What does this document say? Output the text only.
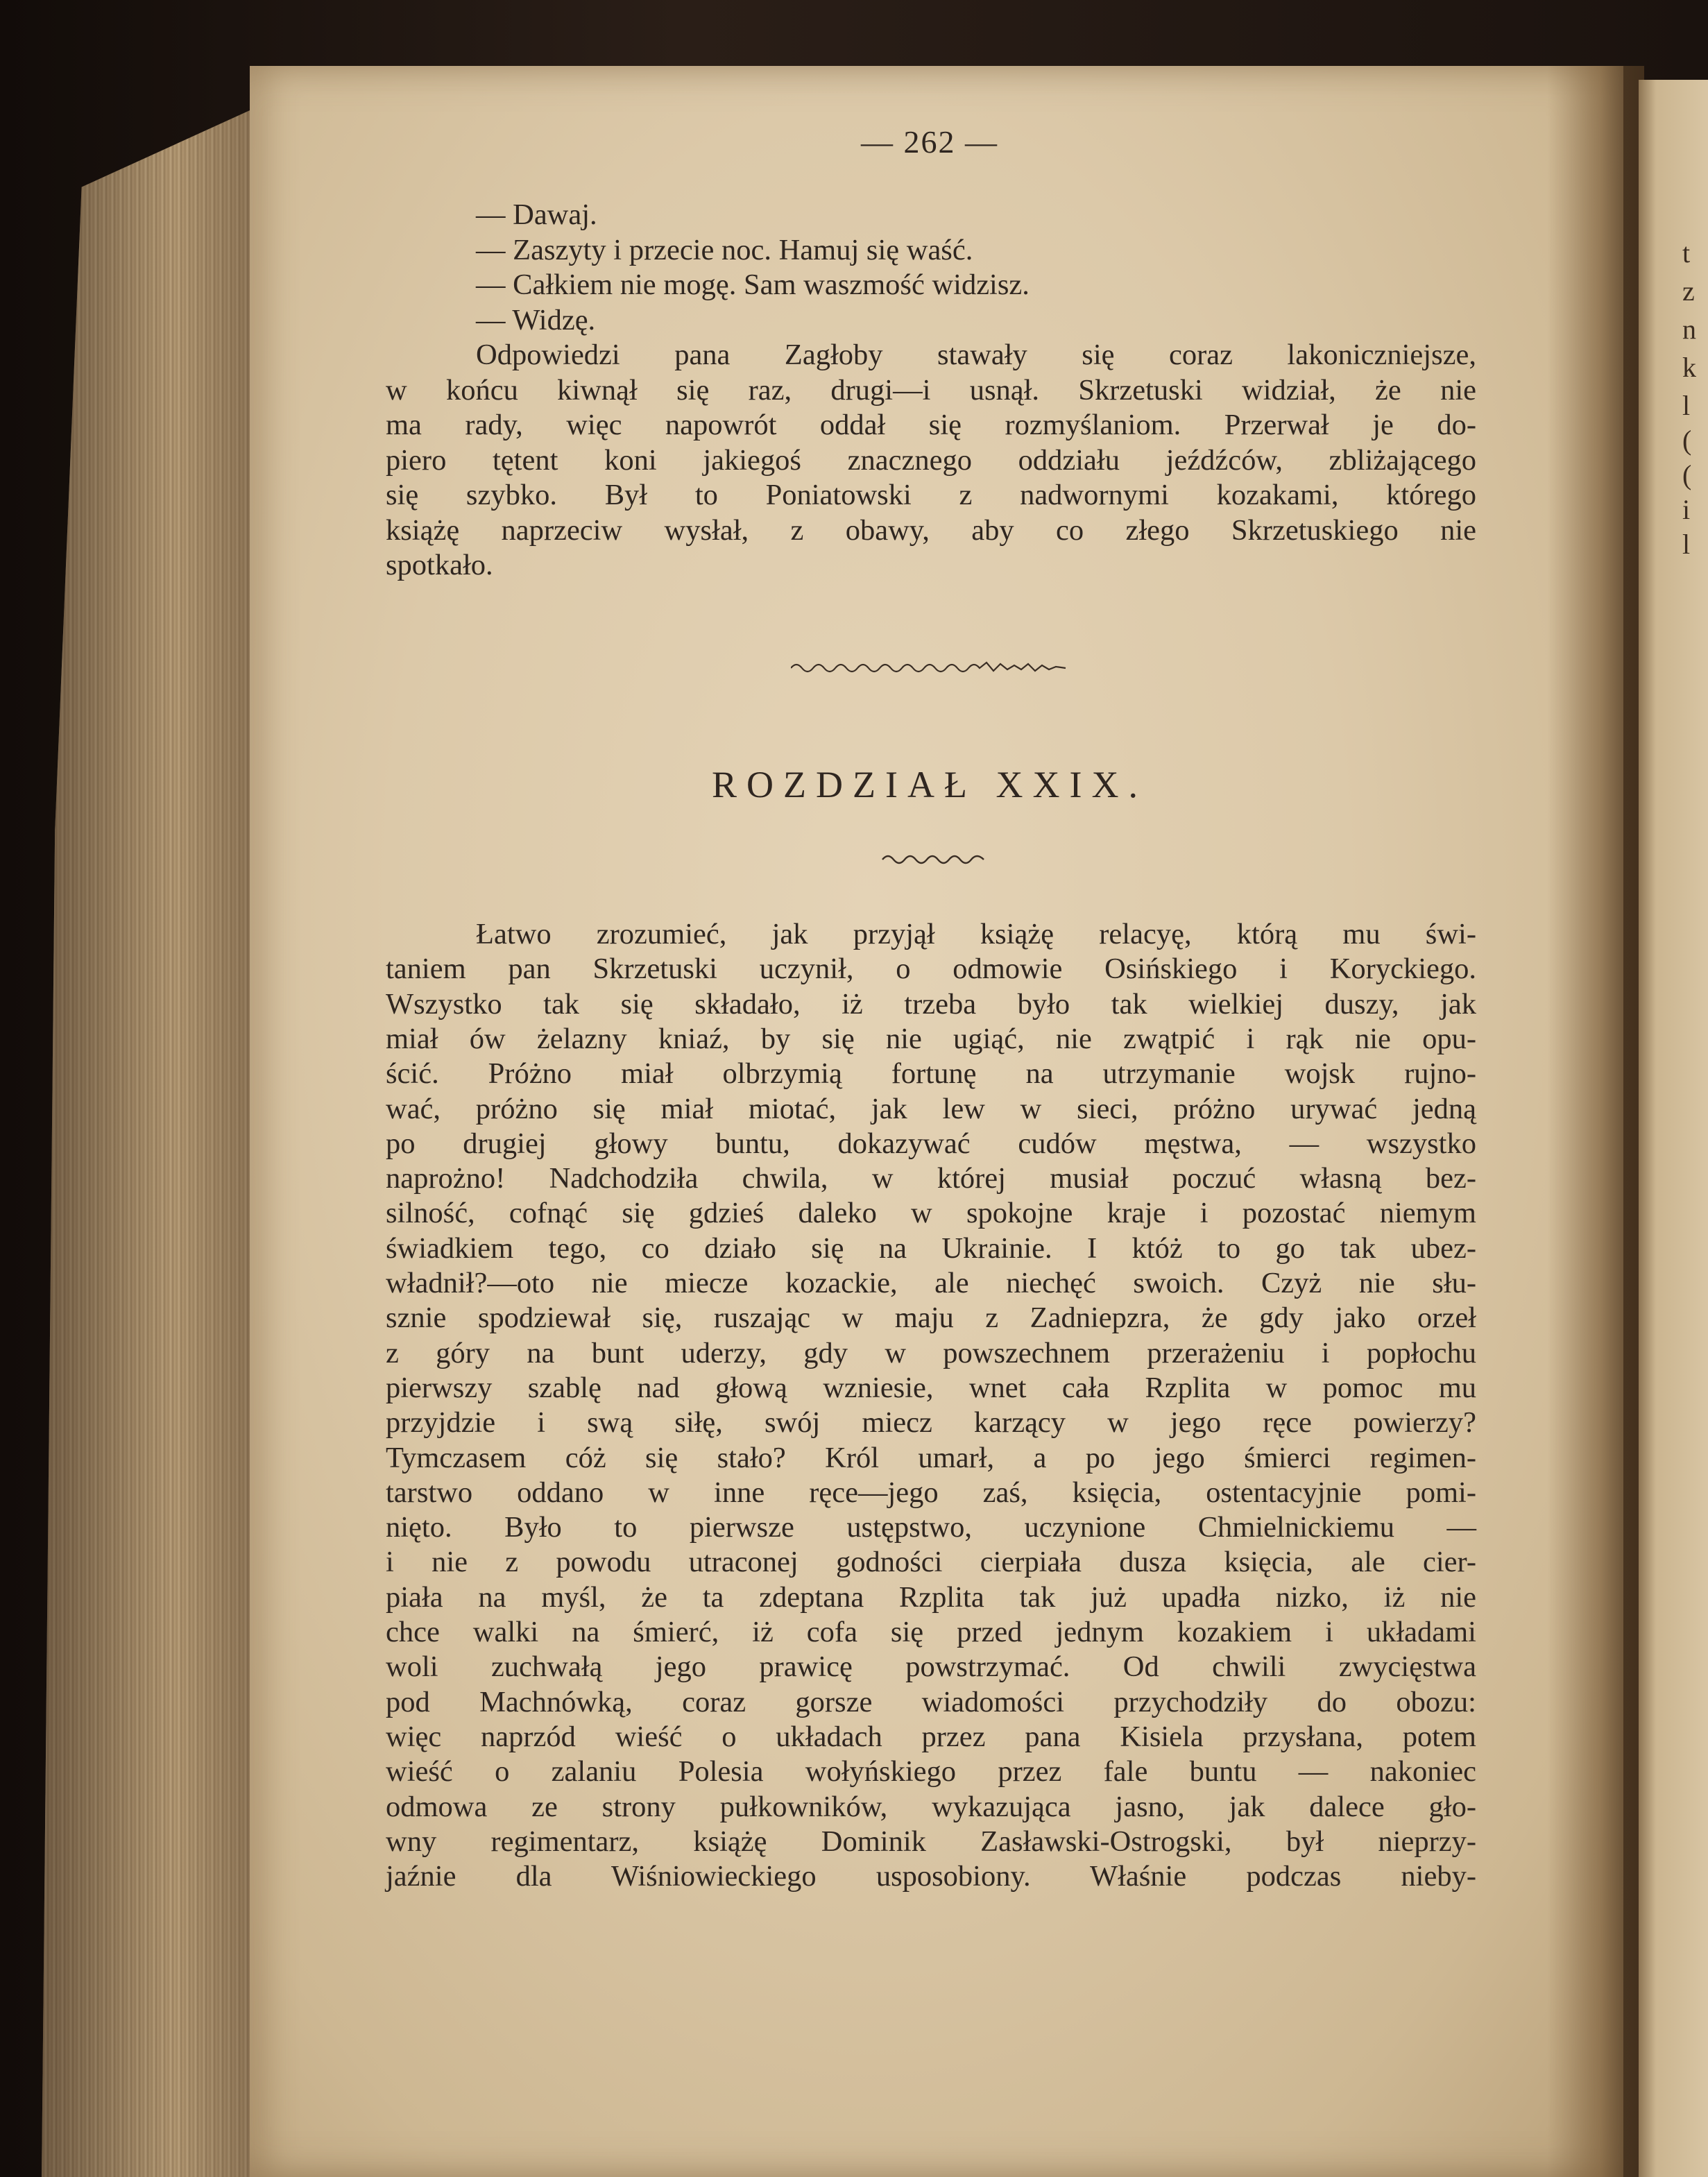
t
z
n
k
l
(
(
i
l
— 262 —
— Dawaj.
— Zaszyty i przecie noc. Hamuj się waść.
— Całkiem nie mogę. Sam waszmość widzisz.
— Widzę.
Odpowiedzi pana Zagłoby stawały się coraz lakoniczniejsze,
w końcu kiwnął się raz, drugi—i usnął. Skrzetuski widział, że nie
ma rady, więc napowrót oddał się rozmyślaniom. Przerwał je do-
piero tętent koni jakiegoś znacznego oddziału jeźdźców, zbliżającego
się szybko. Był to Poniatowski z nadwornymi kozakami, którego
książę naprzeciw wysłał, z obawy, aby co złego Skrzetuskiego nie
spotkało.
Łatwo zrozumieć, jak przyjął książę relacyę, którą mu świ-
taniem pan Skrzetuski uczynił, o odmowie Osińskiego i Koryckiego.
Wszystko tak się składało, iż trzeba było tak wielkiej duszy, jak
miał ów żelazny kniaź, by się nie ugiąć, nie zwątpić i rąk nie opu-
ścić. Próżno miał olbrzymią fortunę na utrzymanie wojsk rujno-
wać, próżno się miał miotać, jak lew w sieci, próżno urywać jedną
po drugiej głowy buntu, dokazywać cudów męstwa, — wszystko
naprożno! Nadchodziła chwila, w której musiał poczuć własną bez-
silność, cofnąć się gdzieś daleko w spokojne kraje i pozostać niemym
świadkiem tego, co działo się na Ukrainie. I któż to go tak ubez-
władnił?—oto nie miecze kozackie, ale niechęć swoich. Czyż nie słu-
sznie spodziewał się, ruszając w maju z Zadniepzra, że gdy jako orzeł
z góry na bunt uderzy, gdy w powszechnem przerażeniu i popłochu
pierwszy szablę nad głową wzniesie, wnet cała Rzplita w pomoc mu
przyjdzie i swą siłę, swój miecz karzący w jego ręce powierzy?
Tymczasem cóż się stało? Król umarł, a po jego śmierci regimen-
tarstwo oddano w inne ręce—jego zaś, księcia, ostentacyjnie pomi-
nięto. Było to pierwsze ustępstwo, uczynione Chmielnickiemu —
i nie z powodu utraconej godności cierpiała dusza księcia, ale cier-
piała na myśl, że ta zdeptana Rzplita tak już upadła nizko, iż nie
chce walki na śmierć, iż cofa się przed jednym kozakiem i układami
woli zuchwałą jego prawicę powstrzymać. Od chwili zwycięstwa
pod Machnówką, coraz gorsze wiadomości przychodziły do obozu:
więc naprzód wieść o układach przez pana Kisiela przysłana, potem
wieść o zalaniu Polesia wołyńskiego przez fale buntu — nakoniec
odmowa ze strony pułkowników, wykazująca jasno, jak dalece gło-
wny regimentarz, książę Dominik Zasławski-Ostrogski, był nieprzy-
jaźnie dla Wiśniowieckiego usposobiony. Właśnie podczas nieby-
ROZDZIAŁ XXIX.
